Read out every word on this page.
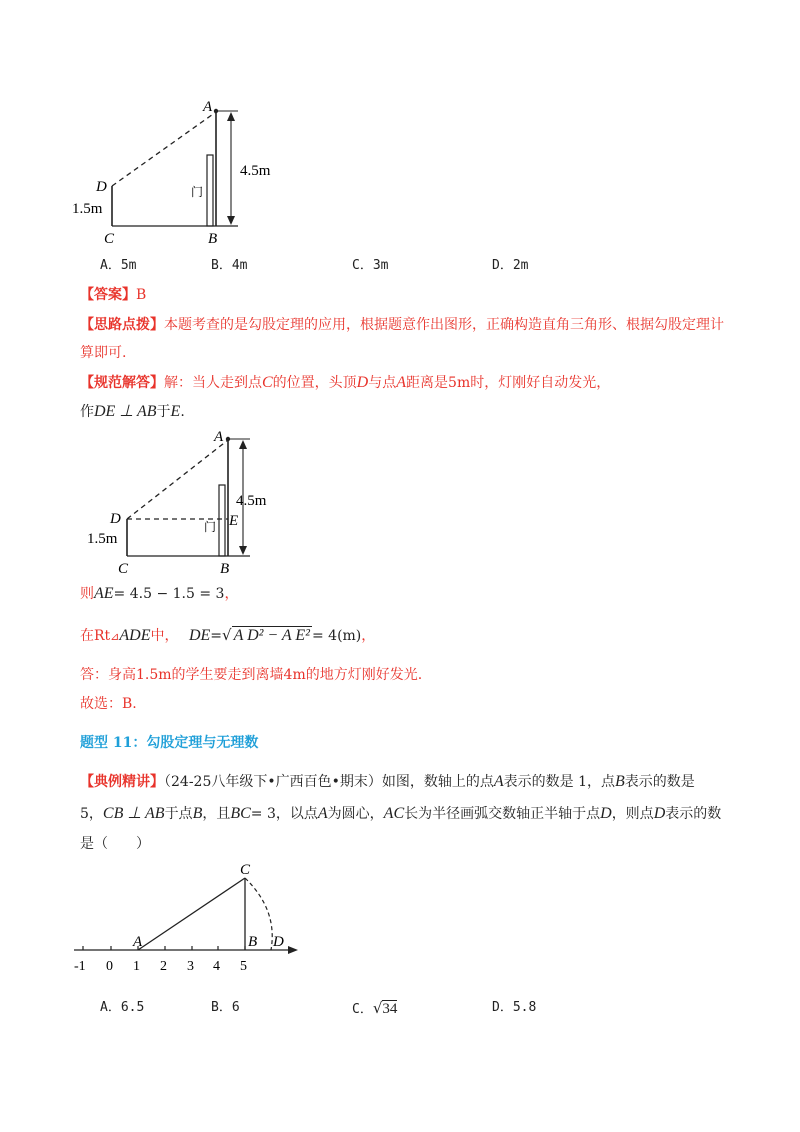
A
D
C	B
4.5m
1.5m
门
A．5m	B．4m	C．3m	D．2m
【答案】B
【思路点拨】本题考查的是勾股定理的应用，根据题意作出图形，正确构造直角三角形、根据勾股定理计
算即可.
【规范解答】解：当人走到点C的位置，头顶D与点A距离是5m时，灯刚好自动发光，
作DE ⊥ AB于E.
A
D	E
C	B
4.5m
1.5m
门
则AE= 4.5 − 1.5 = 3，
在Rt⊿ADE中， DE=√ A D² − A E² = 4(m)，
答：身高1.5m的学生要走到离墙4m的地方灯刚好发光.
故选：B.
题型 11：勾股定理与无理数
【典例精讲】（24-25八年级下•广西百色•期末）如图，数轴上的点A表示的数是 1，点B表示的数是
5，CB ⊥ AB于点B，且BC= 3，以点A为圆心，AC长为半径画弧交数轴正半轴于点D，则点D表示的数
是（　　）
C
A	B D
-1 0 1 2 3 4 5
A．6.5	B．6	C．√34	D．5.8
